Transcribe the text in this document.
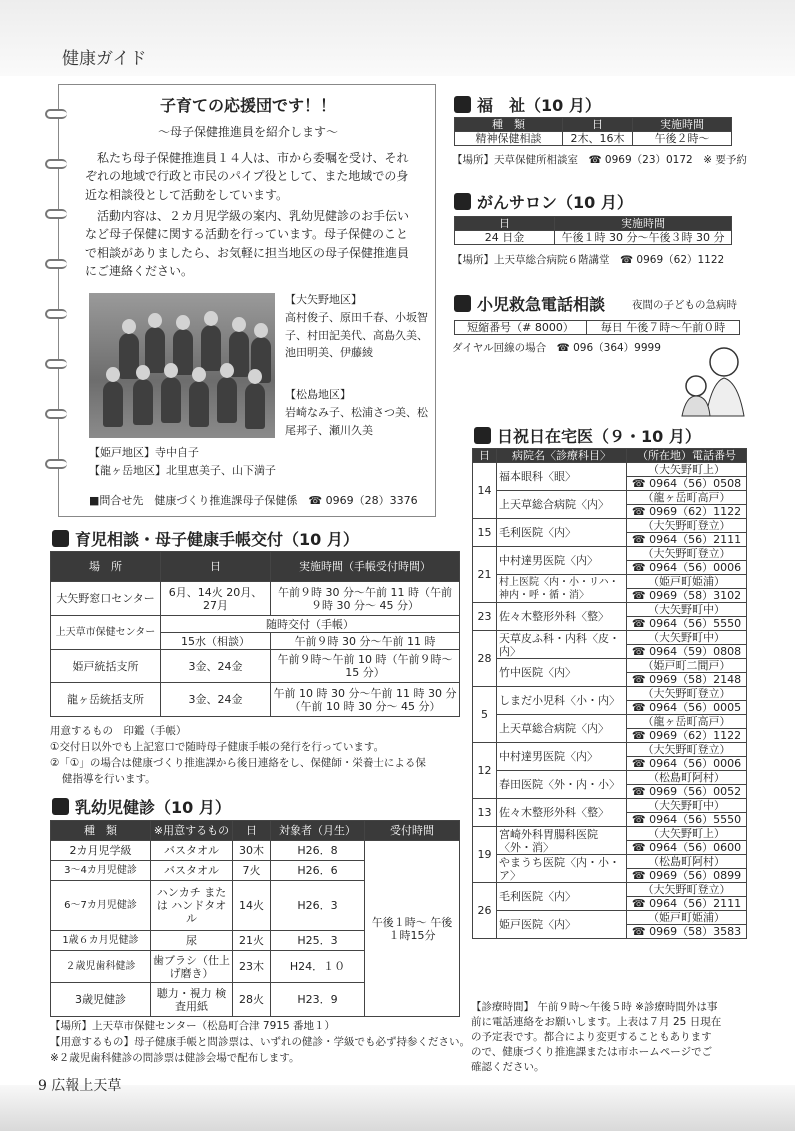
健康ガイド
子育ての応援団です！！
〜母子保健推進員を紹介します〜
私たち母子保健推進員１４人は、市から委嘱を受け、それぞれの地域で行政と市民のパイプ役として、また地域での身近な相談役として活動をしています。
活動内容は、２カ月児学級の案内、乳幼児健診のお手伝いなど母子保健に関する活動を行っています。母子保健のことで相談がありましたら、お気軽に担当地区の母子保健推進員にご連絡ください。
【大矢野地区】
高村俊子、原田千春、小坂智子、村田記美代、高島久美、池田明美、伊藤綾
【松島地区】
岩崎なみ子、松浦さつ美、松尾邦子、瀬川久美
【姫戸地区】寺中自子
【龍ヶ岳地区】北里恵美子、山下満子
■問合せ先　健康づくり推進課母子保健係　☎ 0969（28）3376
福　祉（10 月）
種　類	日	実施時間
精神保健相談	2木、16木	午後２時〜
【場所】天草保健所相談室　☎ 0969（23）0172　※ 要予約
がんサロン（10 月）
日	実施時間
24 日金	午後１時 30 分〜午後３時 30 分
【場所】上天草総合病院６階講堂　☎ 0969（62）1122
小児救急電話相談	夜間の子どもの急病時
短縮番号（# 8000）	毎日 午後７時〜午前０時
ダイヤル回線の場合　☎ 096（364）9999
日祝日在宅医（９・10 月）
日	病院名〈診療科目〉	（所在地）電話番号
14	福本眼科〈眼〉	（大矢野町上）
		☎ 0964（56）0508
	上天草総合病院〈内〉	（龍ヶ岳町高戸）
		☎ 0969（62）1122
15	毛利医院〈内〉	（大矢野町登立）
		☎ 0964（56）2111
21	中村達男医院〈内〉	（大矢野町登立）
		☎ 0964（56）0006
	村上医院〈内・小・リハ・神内・呼・循・消〉	（姫戸町姫浦）
		☎ 0969（58）3102
23	佐々木整形外科〈整〉	（大矢野町中）
		☎ 0964（56）5550
28	天草皮ふ科・内科〈皮・内〉	（大矢野町中）
		☎ 0964（59）0808
	竹中医院〈内〉	（姫戸町二間戸）
		☎ 0969（58）2148
5	しまだ小児科〈小・内〉	（大矢野町登立）
		☎ 0964（56）0005
	上天草総合病院〈内〉	（龍ヶ岳町高戸）
		☎ 0969（62）1122
12	中村達男医院〈内〉	（大矢野町登立）
		☎ 0964（56）0006
	春田医院〈外・内・小〉	（松島町阿村）
		☎ 0969（56）0052
13	佐々木整形外科〈整〉	（大矢野町中）
		☎ 0964（56）5550
19	宮崎外科胃腸科医院〈外・消〉	（大矢野町上）
		☎ 0964（56）0600
	やまうち医院〈内・小・ア〉	（松島町阿村）
		☎ 0969（56）0899
26	毛利医院〈内〉	（大矢野町登立）
		☎ 0964（56）2111
	姫戸医院〈内〉	（姫戸町姫浦）
		☎ 0969（58）3583
【診療時間】 午前９時〜午後５時 ※診療時間外は事
前に電話連絡をお願いします。上表は７月 25 日現在
の予定表です。都合により変更することもあります
ので、健康づくり推進課または市ホームページでご
確認ください。
育児相談・母子健康手帳交付（10 月）
場　所	日	実施時間（手帳受付時間）
大矢野窓口センター	6月、14火 20月、27月	午前９時 30 分〜午前 11 時（午前９時 30 分〜 45 分）
上天草市保健センター	随時交付（手帳）	
	15水（相談）	午前９時 30 分〜午前 11 時
姫戸統括支所	3金、24金	午前９時〜午前 10 時（午前９時〜 15 分）
龍ヶ岳統括支所	3金、24金	午前 10 時 30 分〜午前 11 時 30 分（午前 10 時 30 分〜 45 分）
用意するもの　印鑑（手帳）
①交付日以外でも上記窓口で随時母子健康手帳の発行を行っています。
②「①」の場合は健康づくり推進課から後日連絡をし、保健師・栄養士による保
健指導を行います。
乳幼児健診（10 月）
種　類	※用意するもの	日	対象者（月生）	受付時間
2カ月児学級	バスタオル	30木	H26．8	午後１時〜 午後１時15分
3〜4カ月児健診	バスタオル	7火	H26．6	
6〜7カ月児健診	ハンカチ または ハンドタオル	14火	H26．3	
1歳６カ月児健診	尿	21火	H25．3	
２歳児歯科健診	歯ブラシ（仕上げ磨き）	23木	H24．１０	
3歳児健診	聴力・視力 検査用紙	28火	H23．9	
【場所】上天草市保健センター（松島町合津 7915 番地１）
【用意するもの】母子健康手帳と問診票は、いずれの健診・学級でも必ず持参ください。
※２歳児歯科健診の問診票は健診会場で配布します。
9 広報上天草
